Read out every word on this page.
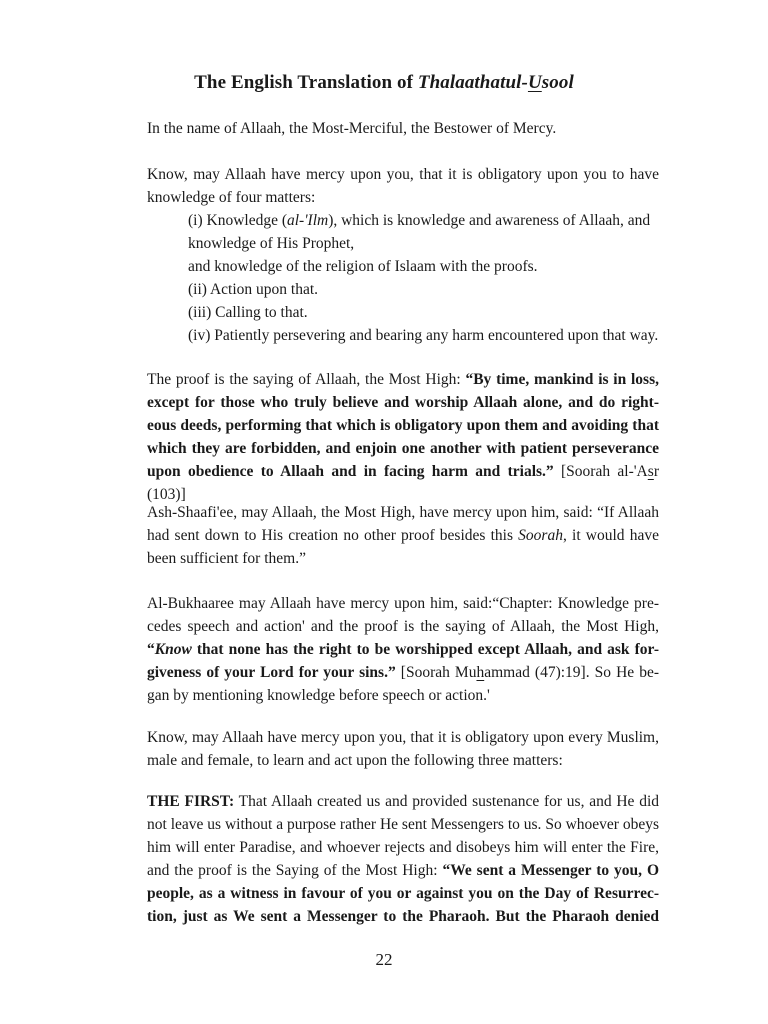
The English Translation of Thalaathatul-Usool
In the name of Allaah, the Most-Merciful, the Bestower of Mercy.
Know, may Allaah have mercy upon you, that it is obligatory upon you to have
knowledge of four matters:
(i) Knowledge (al-'Ilm), which is knowledge and awareness of Allaah, and
knowledge of His Prophet,
and knowledge of the religion of Islaam with the proofs.
(ii) Action upon that.
(iii) Calling to that.
(iv) Patiently persevering and bearing any harm encountered upon that way.
The proof is the saying of Allaah, the Most High: “By time, mankind is in loss,
except for those who truly believe and worship Allaah alone, and do right-
eous deeds, performing that which is obligatory upon them and avoiding that
which they are forbidden, and enjoin one another with patient perseverance
upon obedience to Allaah and in facing harm and trials.” [Soorah al-'Asr (103)]
Ash-Shaafi'ee, may Allaah, the Most High, have mercy upon him, said: “If Allaah
had sent down to His creation no other proof besides this Soorah, it would have
been sufficient for them.”
Al-Bukhaaree may Allaah have mercy upon him, said:“Chapter: Knowledge pre-
cedes speech and action' and the proof is the saying of Allaah, the Most High,
“Know that none has the right to be worshipped except Allaah, and ask for-
giveness of your Lord for your sins.” [Soorah Muhammad (47):19]. So He be-
gan by mentioning knowledge before speech or action.'
Know, may Allaah have mercy upon you, that it is obligatory upon every Muslim,
male and female, to learn and act upon the following three matters:
THE FIRST: That Allaah created us and provided sustenance for us, and He did
not leave us without a purpose rather He sent Messengers to us. So whoever obeys
him will enter Paradise, and whoever rejects and disobeys him will enter the Fire,
and the proof is the Saying of the Most High: “We sent a Messenger to you, O
people, as a witness in favour of you or against you on the Day of Resurrec-
tion, just as We sent a Messenger to the Pharaoh. But the Pharaoh denied
22
